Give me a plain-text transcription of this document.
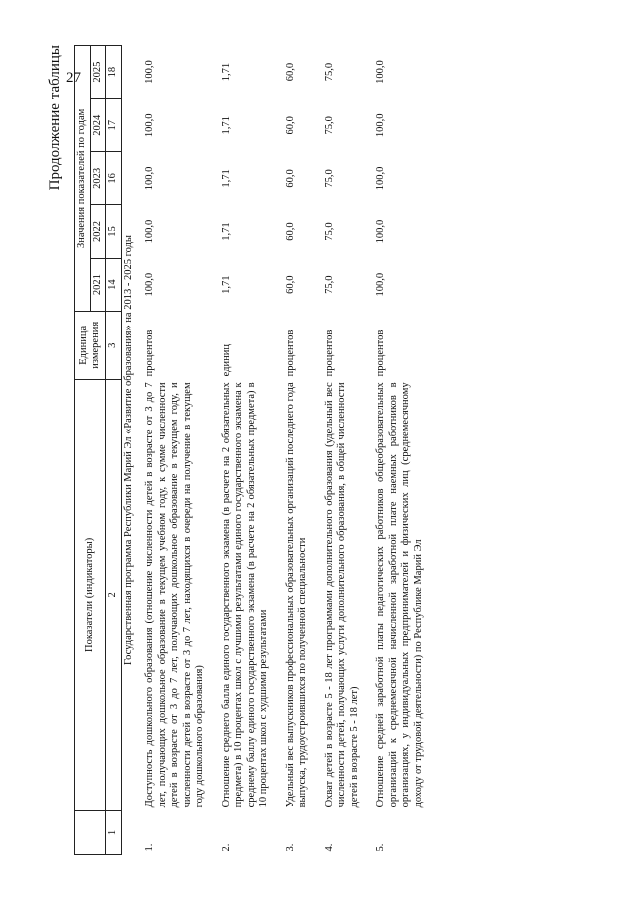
27
Продолжение таблицы
	Показатели (индикаторы)	Единица измерения	Значения показателей по годам				
			2021	2022	2023	2024	2025
1	2	3	14	15	16	17	18
Государственная программа Республики Марий Эл «Развитие образования» на 2013 - 2025 годы							
1.	Доступность дошкольного образования (отношение численности детей в возрасте от 3 до 7 лет, получающих дошкольное образование в текущем учебном году, к сумме численности детей в возрасте от 3 до 7 лет, получающих дошкольное образование в текущем году, и численности детей в возрасте от 3 до 7 лет, находящихся в очереди на получение в текущем году дошкольного образования)	процентов	100,0	100,0	100,0	100,0	100,0
2.	Отношение среднего балла единого государственного экзамена (в расчете на 2 обязательных предмета) в 10 процентах школ с лучшими результатами единого государственного экзамена к среднему баллу единого государственного экзамена (в расчете на 2 обязательных предмета) в 10 процентах школ с худшими результатами	единиц	1,71	1,71	1,71	1,71	1,71
3.	Удельный вес выпускников профессиональных образовательных организаций последнего года выпуска, трудоустроившихся по полученной специальности	процентов	60,0	60,0	60,0	60,0	60,0
4.	Охват детей в возрасте 5 - 18 лет программами дополнительного образования (удельный вес численности детей, получающих услуги дополнительного образования, в общей численности детей в возрасте 5 - 18 лет)	процентов	75,0	75,0	75,0	75,0	75,0
5.	Отношение средней заработной платы педагогических работников общеобразовательных организаций к среднемесячной начисленной заработной плате наемных работников в организациях, у индивидуальных предпринимателей и физических лиц (среднемесячному доходу от трудовой деятельности) по Республике Марий Эл	процентов	100,0	100,0	100,0	100,0	100,0
